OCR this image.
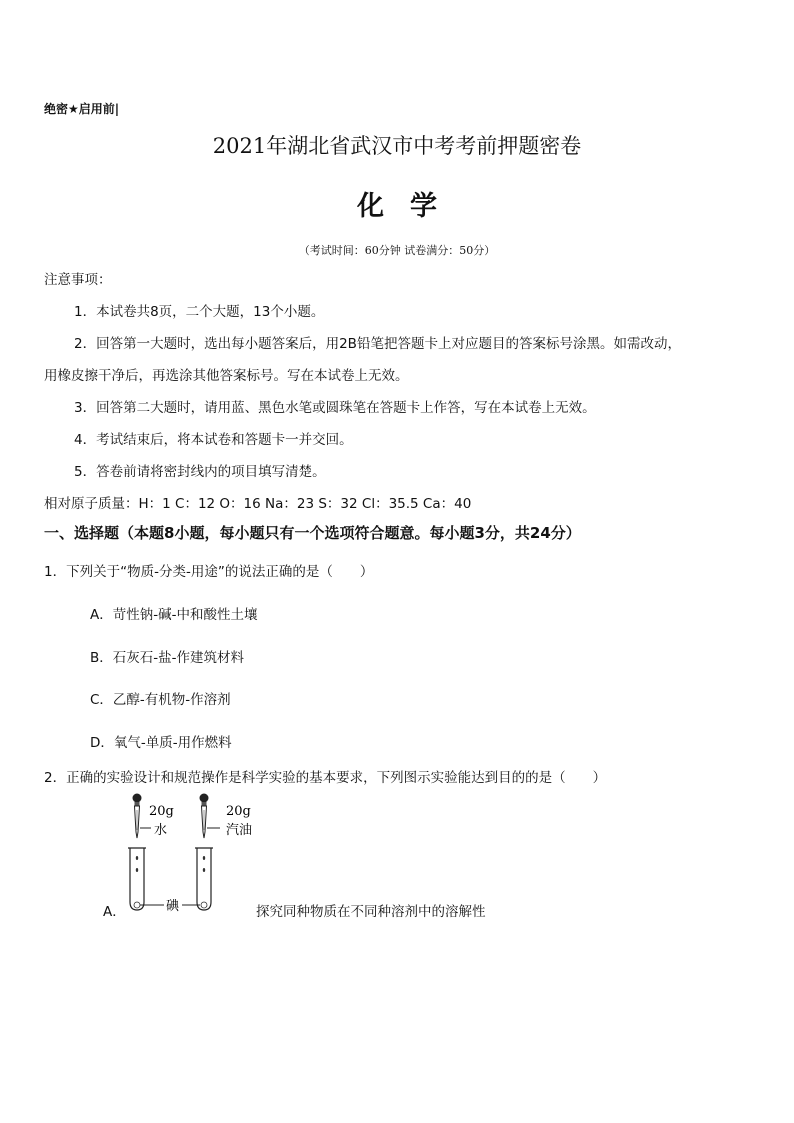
绝密★启用前|
2021年湖北省武汉市中考考前押题密卷
化学
（考试时间：60分钟 试卷满分：50分）
注意事项：
1．本试卷共8页，二个大题，13个小题。
2．回答第一大题时，选出每小题答案后，用2B铅笔把答题卡上对应题目的答案标号涂黑。如需改动，
用橡皮擦干净后，再选涂其他答案标号。写在本试卷上无效。
3．回答第二大题时，请用蓝、黑色水笔或圆珠笔在答题卡上作答，写在本试卷上无效。
4．考试结束后，将本试卷和答题卡一并交回。
5．答卷前请将密封线内的项目填写清楚。
相对原子质量：H：1 C：12 O：16 Na：23 S：32 Cl：35.5 Ca：40
一、选择题（本题8小题，每小题只有一个选项符合题意。每小题3分，共24分）
1．下列关于“物质-分类-用途”的说法正确的是（　　）
A．苛性钠-碱-中和酸性土壤
B．石灰石-盐-作建筑材料
C．乙醇-有机物-作溶剂
D．氧气-单质-用作燃料
2．正确的实验设计和规范操作是科学实验的基本要求，下列图示实验能达到目的的是（　　）
20g
水
20g
汽油
碘
A．	探究同种物质在不同种溶剂中的溶解性
